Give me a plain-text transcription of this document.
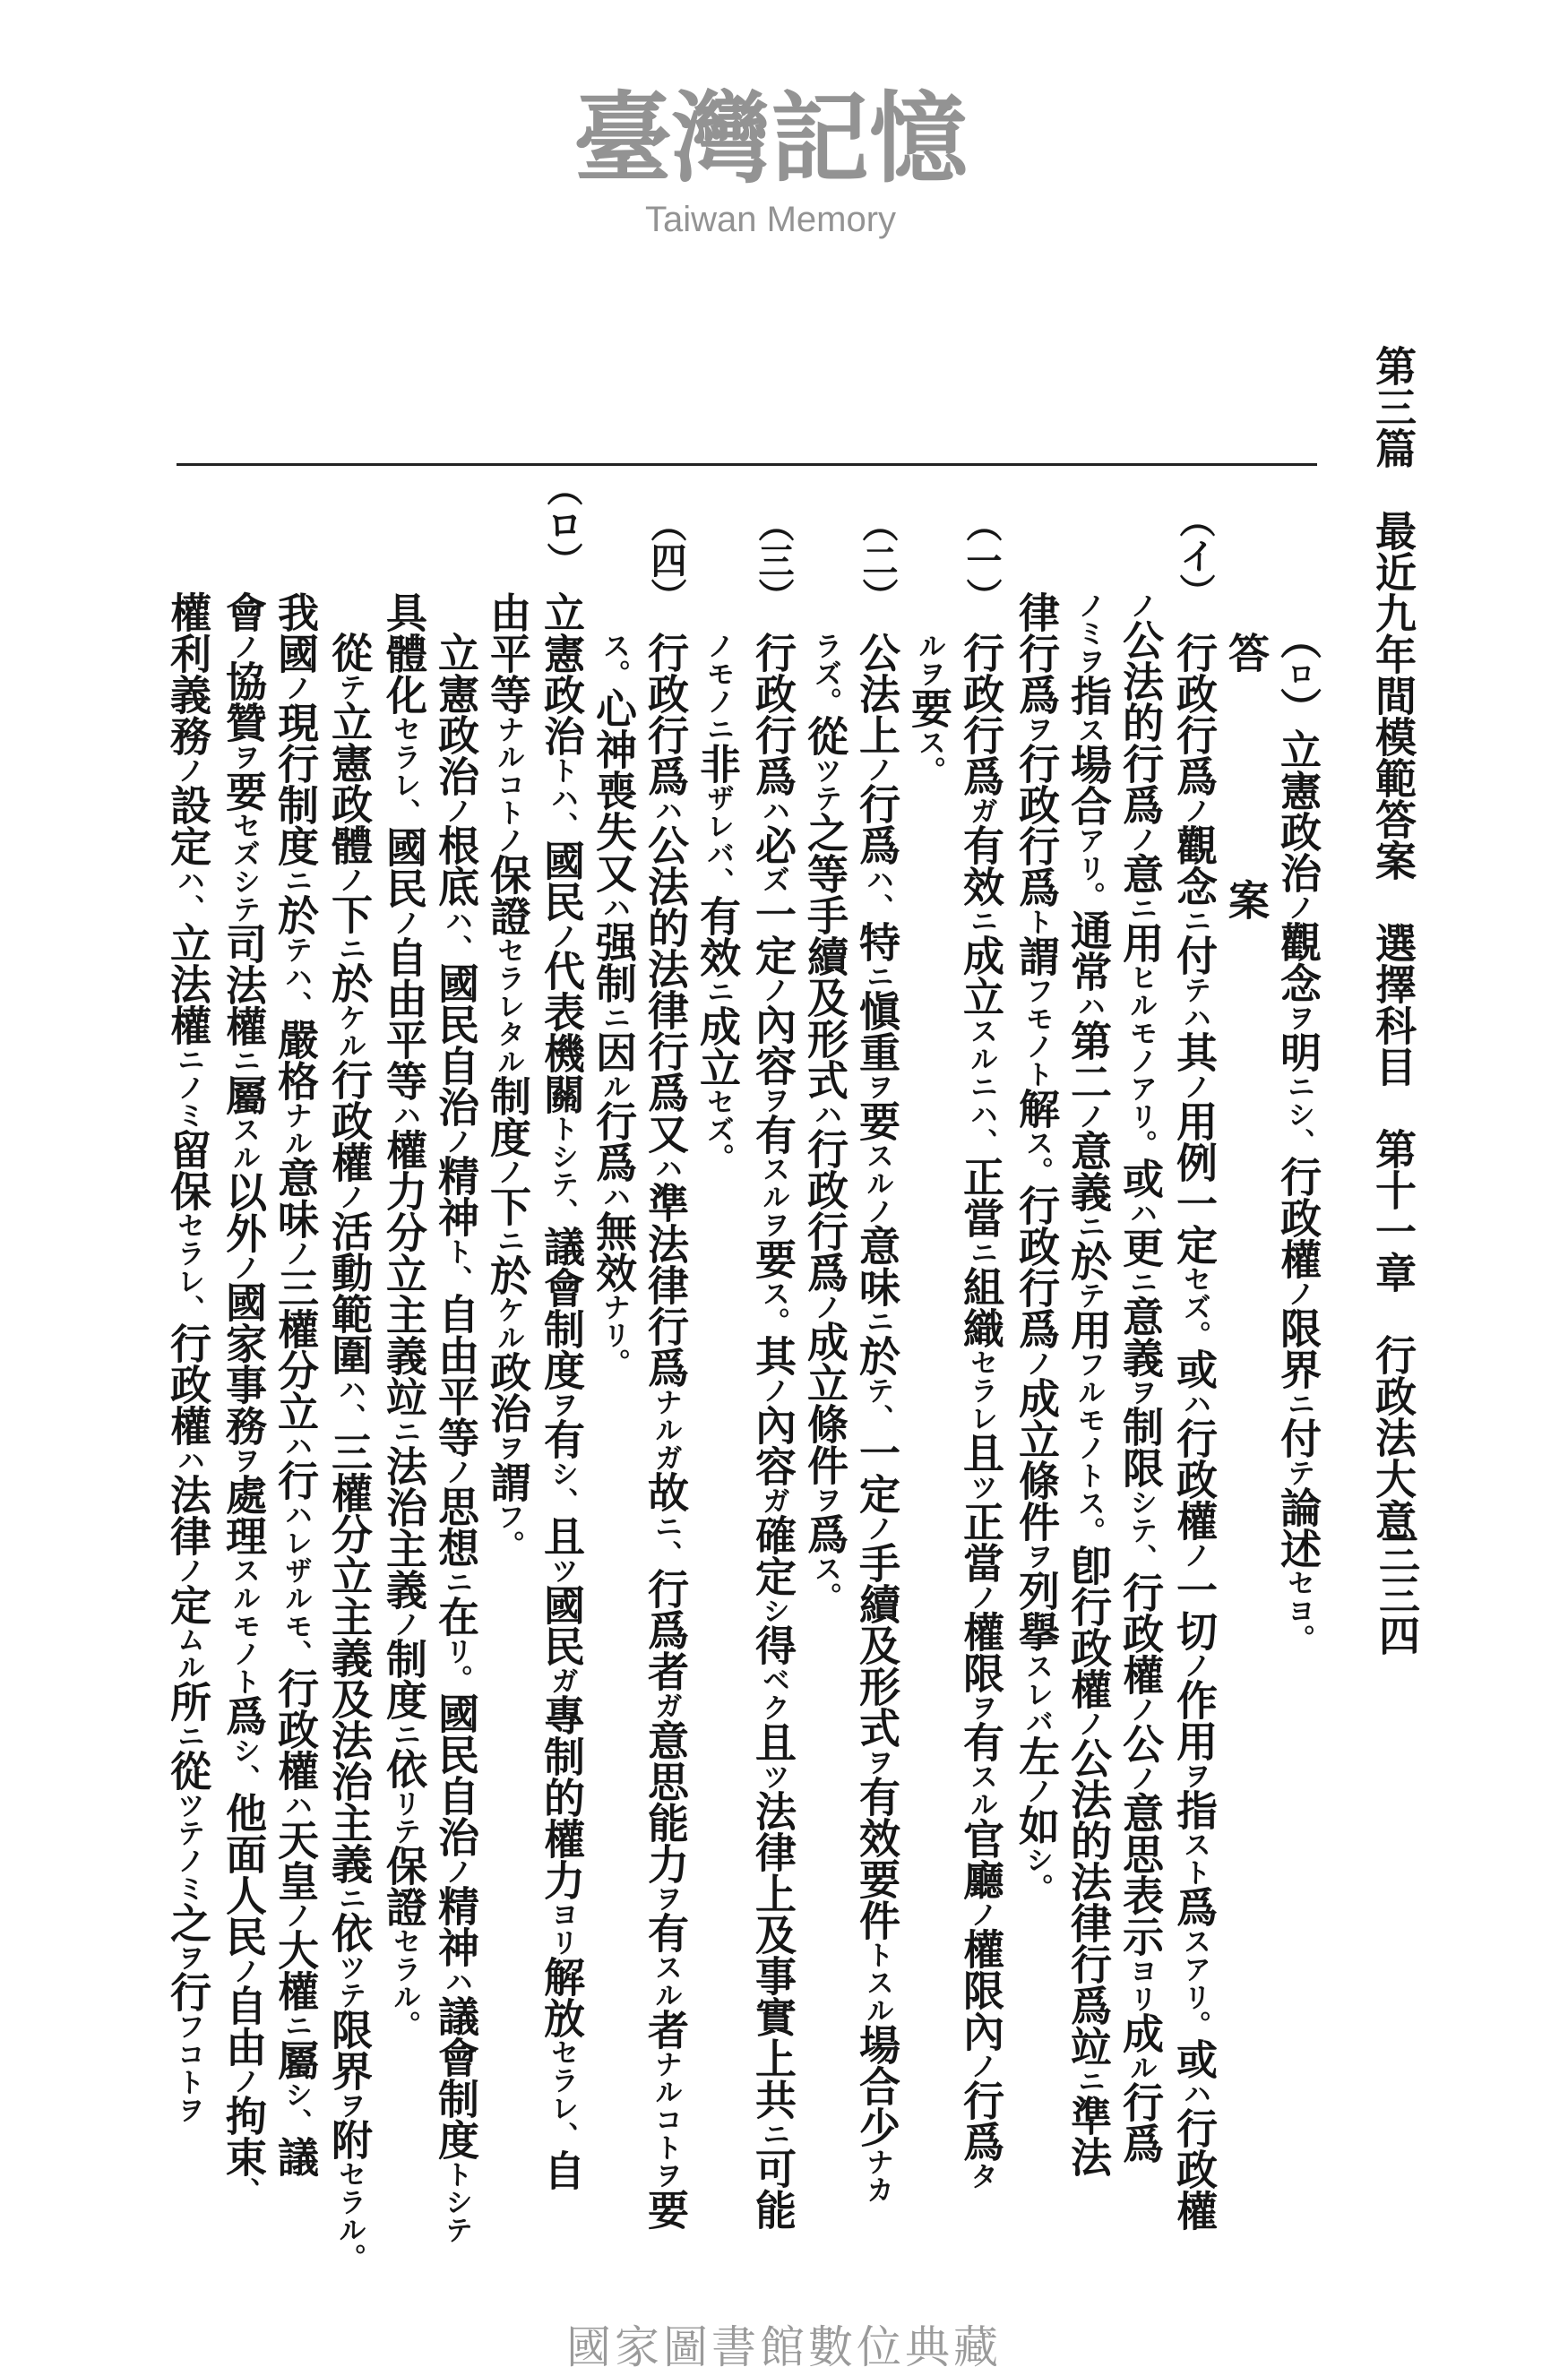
第三篇　最近九年間模範答案　選擇科目　第十一章　行政法大意
三三四
（ロ）立憲政治ノ觀念ヲ明ニシ、行政權ノ限界ニ付テ論述セヨ。
答　　　　　案
（イ）
行政行爲ノ觀念ニ付テハ其ノ用例一定セズ。或ハ行政權ノ一切ノ作用ヲ指スト爲スアリ。或ハ行政權
ノ公法的行爲ノ意ニ用ヒルモノアリ。或ハ更ニ意義ヲ制限シテ、行政權ノ公ノ意思表示ヨリ成ル行爲
ノミヲ指ス場合アリ。通常ハ第二ノ意義ニ於テ用フルモノトス。卽行政權ノ公法的法律行爲竝ニ準法
律行爲ヲ行政行爲ト謂フモノト解ス。行政行爲ノ成立條件ヲ列擧スレバ左ノ如シ。
（一）
行政行爲ガ有效ニ成立スルニハ、正當ニ組織セラレ且ツ正當ノ權限ヲ有スル官廳ノ權限內ノ行爲タ
ルヲ要ス。
（二）
公法上ノ行爲ハ、特ニ愼重ヲ要スルノ意味ニ於テ、一定ノ手續及形式ヲ有效要件トスル場合少ナカ
ラズ。從ツテ之等手續及形式ハ行政行爲ノ成立條件ヲ爲ス。
（三）
行政行爲ハ必ズ一定ノ內容ヲ有スルヲ要ス。其ノ內容ガ確定シ得ベク且ツ法律上及事實上共ニ可能
ノモノニ非ザレバ、有效ニ成立セズ。
（四）
行政行爲ハ公法的法律行爲又ハ準法律行爲ナルガ故ニ、行爲者ガ意思能力ヲ有スル者ナルコトヲ要
ス。心神喪失又ハ强制ニ因ル行爲ハ無效ナリ。
（ロ）
立憲政治トハ、國民ノ代表機關トシテ、議會制度ヲ有シ、且ツ國民ガ專制的權力ヨリ解放セラレ、自
由平等ナルコトノ保證セラレタル制度ノ下ニ於ケル政治ヲ謂フ。
立憲政治ノ根底ハ、國民自治ノ精神ト、自由平等ノ思想ニ在リ。國民自治ノ精神ハ議會制度トシテ
具體化セラレ、國民ノ自由平等ハ權力分立主義竝ニ法治主義ノ制度ニ依リテ保證セラル。
從テ立憲政體ノ下ニ於ケル行政權ノ活動範圍ハ、三權分立主義及法治主義ニ依ツテ限界ヲ附セラル。
我國ノ現行制度ニ於テハ、嚴格ナル意味ノ三權分立ハ行ハレザルモ、行政權ハ天皇ノ大權ニ屬シ、議
會ノ協贊ヲ要セズシテ司法權ニ屬スル以外ノ國家事務ヲ處理スルモノト爲シ、他面人民ノ自由ノ拘束、
權利義務ノ設定ハ、立法權ニノミ留保セラレ、行政權ハ法律ノ定ムル所ニ從ツテノミ之ヲ行フコトヲ
臺灣記憶
Taiwan Memory
國家圖書館數位典藏
